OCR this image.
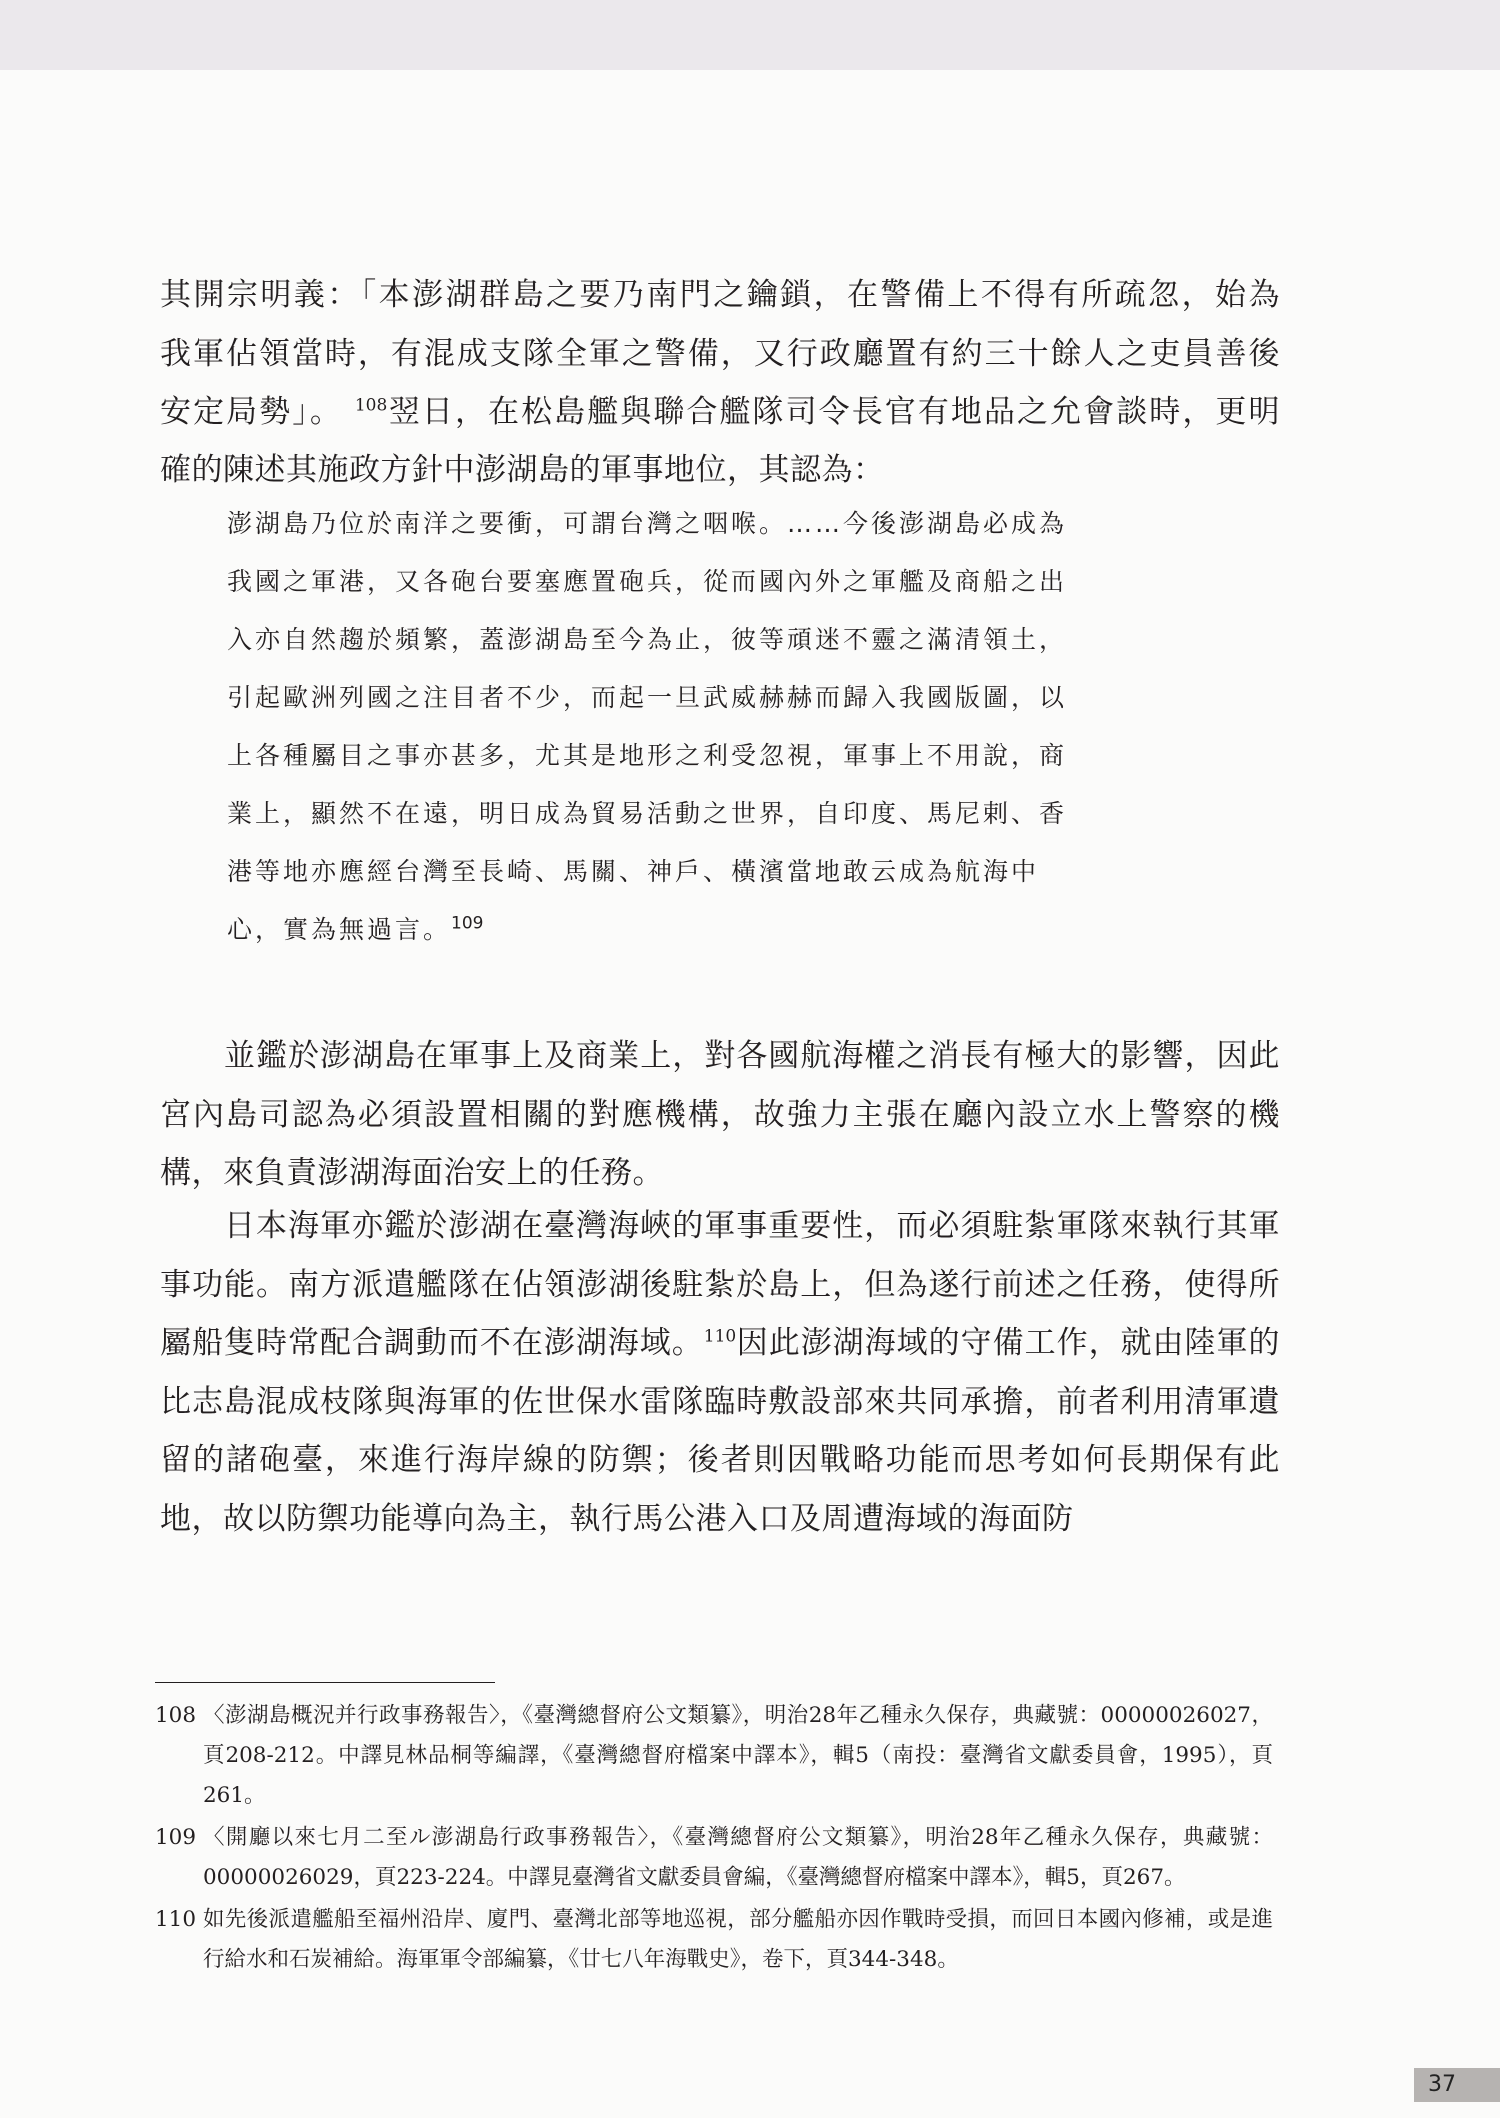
其開宗明義：「本澎湖群島之要乃南門之鑰鎖，在警備上不得有所疏忽，始為
我軍佔領當時，有混成支隊全軍之警備，又行政廳置有約三十餘人之吏員善後
安定局勢」。 $^{108}$翌日，在松島艦與聯合艦隊司令長官有地品之允會談時，更明
確的陳述其施政方針中澎湖島的軍事地位，其認為：
澎湖島乃位於南洋之要衝，可謂台灣之咽喉。……今後澎湖島必成為
我國之軍港，又各砲台要塞應置砲兵，從而國內外之軍艦及商船之出
入亦自然趨於頻繁，蓋澎湖島至今為止，彼等頑迷不靈之滿清領土，
引起歐洲列國之注目者不少，而起一旦武威赫赫而歸入我國版圖，以
上各種屬目之事亦甚多，尤其是地形之利受忽視，軍事上不用說，商
業上，顯然不在遠，明日成為貿易活動之世界，自印度、馬尼剌、香
港等地亦應經台灣至長崎、馬關、神戶、橫濱當地敢云成為航海中
心，實為無過言。$^{109}$

並鑑於澎湖島在軍事上及商業上，對各國航海權之消長有極大的影響，因此宮內島司認為必須設置相關的對應機構，故強力主張在廳內設立水上警察的機構，來負責澎湖海面治安上的任務。

日本海軍亦鑑於澎湖在臺灣海峽的軍事重要性，而必須駐紮軍隊來執行其軍事功能。南方派遣艦隊在佔領澎湖後駐紮於島上，但為遂行前述之任務，使得所屬船隻時常配合調動而不在澎湖海域。$^{110}$因此澎湖海域的守備工作，就由陸軍的比志島混成枝隊與海軍的佐世保水雷隊臨時敷設部來共同承擔，前者利用清軍遺留的諸砲臺，來進行海岸線的防禦；後者則因戰略功能而思考如何長期保有此地，故以防禦功能導向為主，執行馬公港入口及周遭海域的海面防

108 〈澎湖島概況并行政事務報告〉，《臺灣總督府公文類纂》，明治28年乙種永久保存，典藏號：00000026027，頁208-212。中譯見林品桐等編譯，《臺灣總督府檔案中譯本》，輯5（南投：臺灣省文獻委員會，1995），頁261。
109 〈開廳以來七月二至ル澎湖島行政事務報告〉，《臺灣總督府公文類纂》，明治28年乙種永久保存，典藏號：00000026029，頁223-224。中譯見臺灣省文獻委員會編，《臺灣總督府檔案中譯本》，輯5，頁267。
110 如先後派遣艦船至福州沿岸、廈門、臺灣北部等地巡視，部分艦船亦因作戰時受損，而回日本國內修補，或是進行給水和石炭補給。海軍軍令部編纂，《廿七八年海戰史》，卷下，頁344-348。
37
